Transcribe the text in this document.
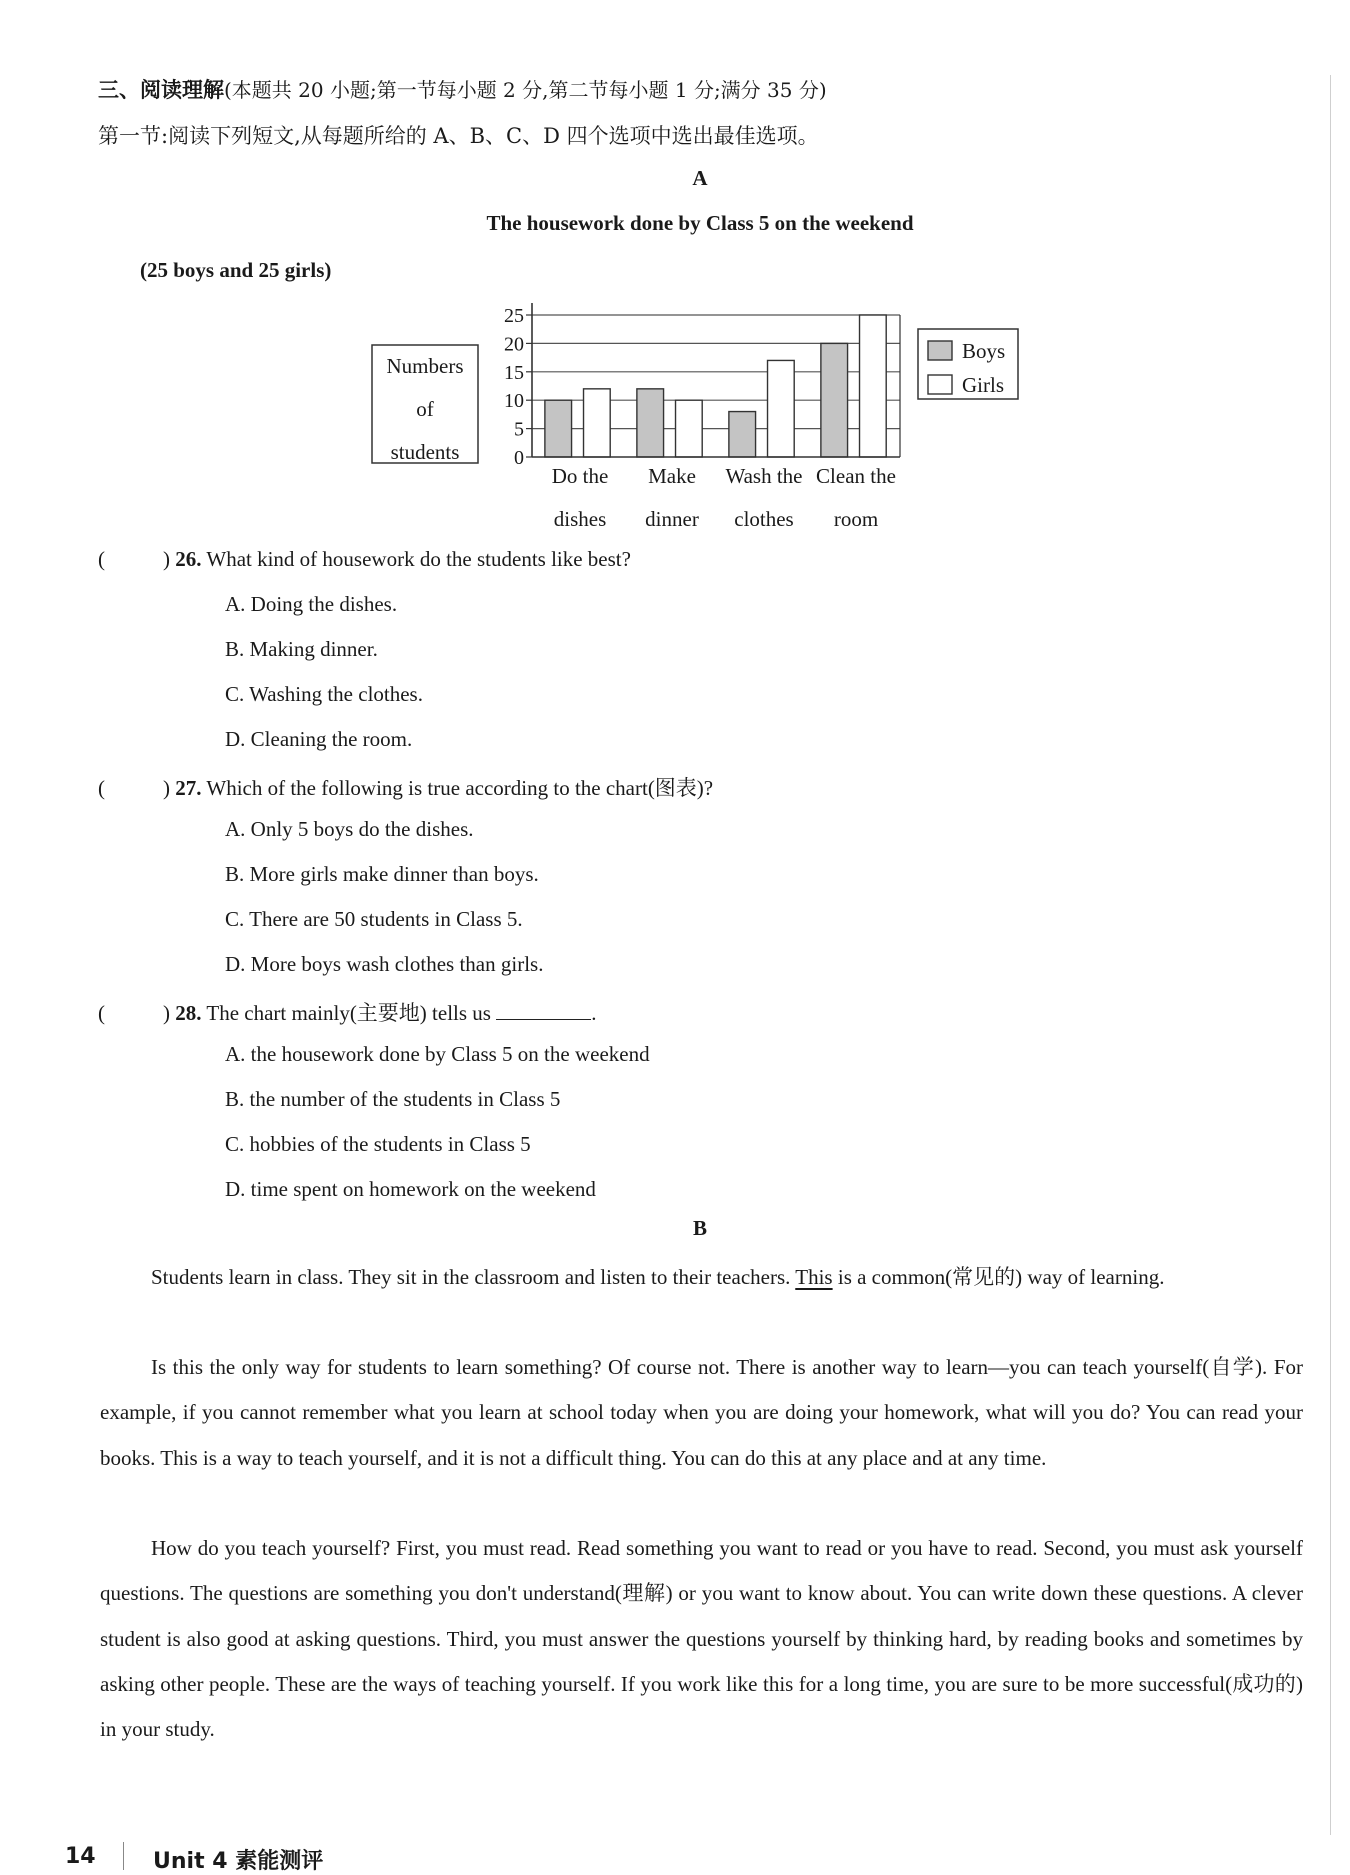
三、阅读理解(本题共 20 小题;第一节每小题 2 分,第二节每小题 1 分;满分 35 分)
第一节:阅读下列短文,从每题所给的 A、B、C、D 四个选项中选出最佳选项。
A
The housework done by Class 5 on the weekend
(25 boys and 25 girls)
Numbers
of
students
25
20
15
10
5
0
Do the
dishes
Make
dinner
Wash the
clothes
Clean the
room
Boys
Girls
(	) 26. What kind of housework do the students like best?
A. Doing the dishes.
B. Making dinner.
C. Washing the clothes.
D. Cleaning the room.
(	) 27. Which of the following is true according to the chart(图表)?
A. Only 5 boys do the dishes.
B. More girls make dinner than boys.
C. There are 50 students in Class 5.
D. More boys wash clothes than girls.
(	) 28. The chart mainly(主要地) tells us	.
A. the housework done by Class 5 on the weekend
B. the number of the students in Class 5
C. hobbies of the students in Class 5
D. time spent on homework on the weekend
B
Students learn in class. They sit in the classroom and listen to their teachers. This is a common(常见的) way of learning.
Is this the only way for students to learn something? Of course not. There is another way to learn—you can teach yourself(自学). For example, if you cannot remember what you learn at school today when you are doing your homework, what will you do? You can read your books. This is a way to teach yourself, and it is not a difficult thing. You can do this at any place and at any time.
How do you teach yourself? First, you must read. Read something you want to read or you have to read. Second, you must ask yourself questions. The questions are something you don't understand(理解) or you want to know about. You can write down these questions. A clever student is also good at asking questions. Third, you must answer the questions yourself by thinking hard, by reading books and sometimes by asking other people. These are the ways of teaching yourself. If you work like this for a long time, you are sure to be more successful(成功的) in your study.
14	Unit 4 素能测评
